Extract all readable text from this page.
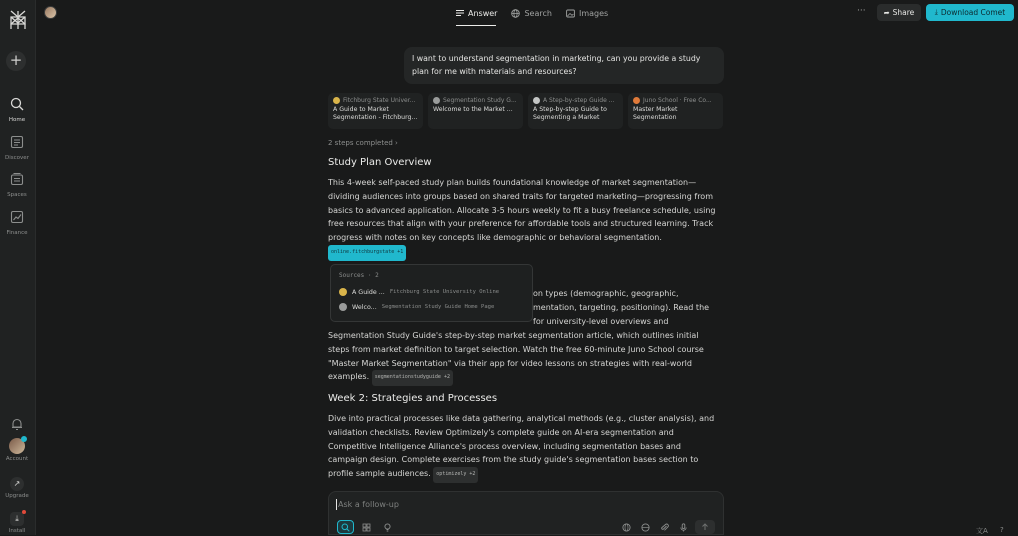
+
Home
Discover
Spaces
Finance
Account
↗
Upgrade
⤓
Install
Answer	Search	Images	···	➦ Share	⤓ Download Comet
I want to understand segmentation in marketing, can you provide a study plan for me with materials and resources?
Fitchburg State Univer...
A Guide to Market Segmentation - Fitchburg...
Segmentation Study G...
Welcome to the Market ...
A Step-by-step Guide ...
A Step-by-step Guide to Segmenting a Market
Juno School · Free Co...
Master Market Segmentation
2 steps completed ›
Study Plan Overview
This 4-week self-paced study plan builds foundational knowledge of market segmentation—dividing audiences into groups based on shared traits for targeted marketing—progressing from basics to advanced application. Allocate 3-5 hours weekly to fit a busy freelance schedule, using free resources that align with your preference for affordable tools and structured learning. Track progress with notes on key concepts like demographic or behavioral segmentation. online.fitchburgstate +1
on types (demographic, geographic,
mentation, targeting, positioning). Read the
for university-level overviews and
Segmentation Study Guide's step-by-step market segmentation article, which outlines initial steps from market definition to target selection. Watch the free 60-minute Juno School course "Master Market Segmentation" via their app for video lessons on strategies with real-world examples. segmentationstudyguide +2
Sources · 2
A Guide ... Fitchburg State University Online
Welco... Segmentation Study Guide Home Page
Week 2: Strategies and Processes
Dive into practical processes like data gathering, analytical methods (e.g., cluster analysis), and validation checklists. Review Optimizely's complete guide on AI-era segmentation and Competitive Intelligence Alliance's process overview, including segmentation bases and campaign design. Complete exercises from the study guide's segmentation bases section to profile sample audiences. optimizely +2
Ask a follow-up
文A ?
